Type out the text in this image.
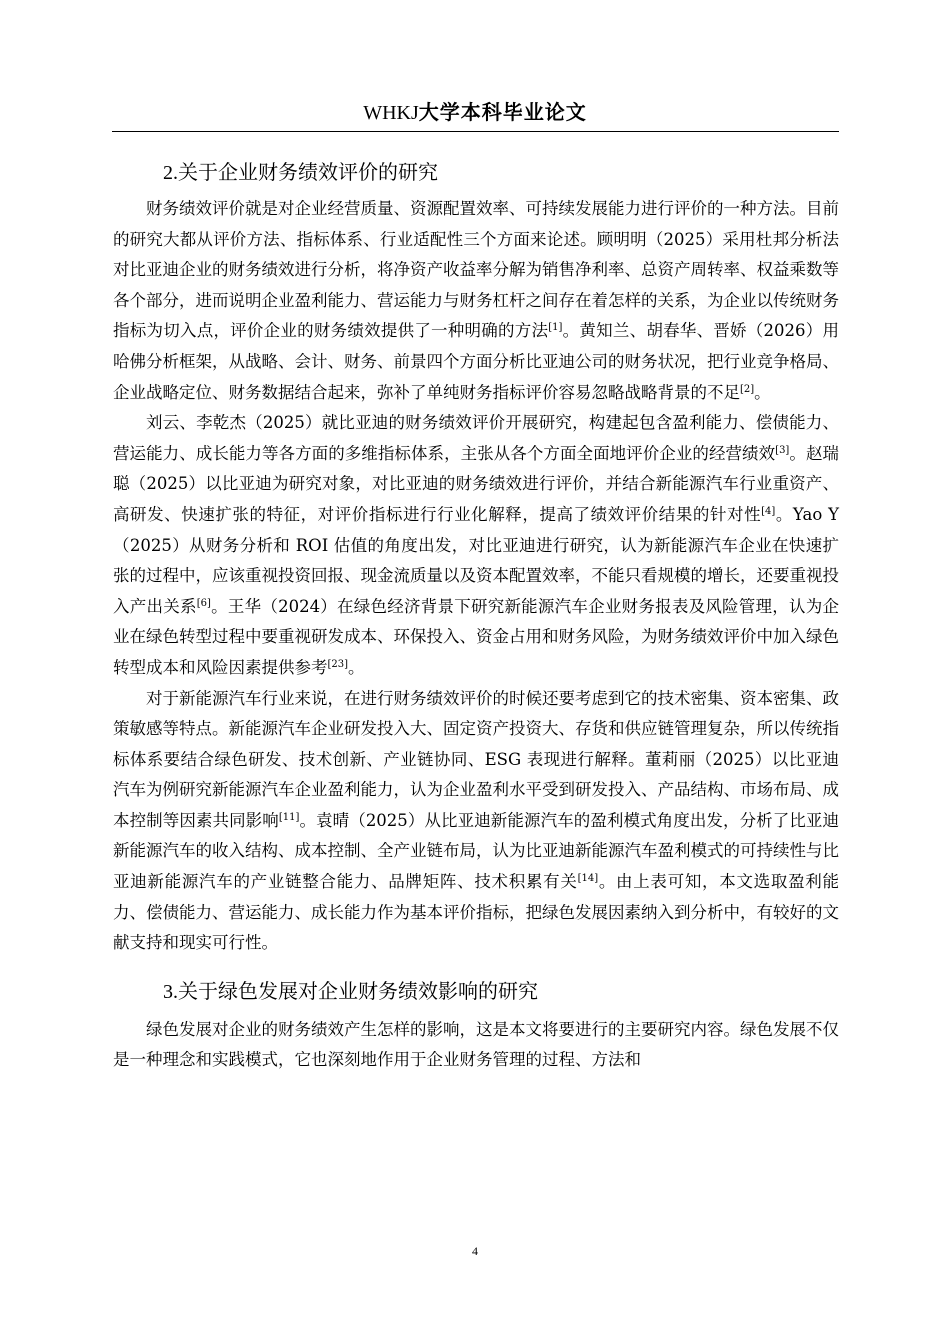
WHKJ大学本科毕业论文
2.关于企业财务绩效评价的研究

财务绩效评价就是对企业经营质量、资源配置效率、可持续发展能力进行评价的一种方法。目前的研究大都从评价方法、指标体系、行业适配性三个方面来论述。顾明明（2025）采用杜邦分析法对比亚迪企业的财务绩效进行分析，将净资产收益率分解为销售净利率、总资产周转率、权益乘数等各个部分，进而说明企业盈利能力、营运能力与财务杠杆之间存在着怎样的关系，为企业以传统财务指标为切入点，评价企业的财务绩效提供了一种明确的方法[1]。黄知兰、胡春华、晋娇（2026）用哈佛分析框架，从战略、会计、财务、前景四个方面分析比亚迪公司的财务状况，把行业竞争格局、企业战略定位、财务数据结合起来，弥补了单纯财务指标评价容易忽略战略背景的不足[2]。

刘云、李乾杰（2025）就比亚迪的财务绩效评价开展研究，构建起包含盈利能力、偿债能力、营运能力、成长能力等各方面的多维指标体系，主张从各个方面全面地评价企业的经营绩效[3]。赵瑞聪（2025）以比亚迪为研究对象，对比亚迪的财务绩效进行评价，并结合新能源汽车行业重资产、高研发、快速扩张的特征，对评价指标进行行业化解释，提高了绩效评价结果的针对性[4]。Yao Y（2025）从财务分析和 ROI 估值的角度出发，对比亚迪进行研究，认为新能源汽车企业在快速扩张的过程中，应该重视投资回报、现金流质量以及资本配置效率，不能只看规模的增长，还要重视投入产出关系[6]。王华（2024）在绿色经济背景下研究新能源汽车企业财务报表及风险管理，认为企业在绿色转型过程中要重视研发成本、环保投入、资金占用和财务风险，为财务绩效评价中加入绿色转型成本和风险因素提供参考[23]。

对于新能源汽车行业来说，在进行财务绩效评价的时候还要考虑到它的技术密集、资本密集、政策敏感等特点。新能源汽车企业研发投入大、固定资产投资大、存货和供应链管理复杂，所以传统指标体系要结合绿色研发、技术创新、产业链协同、ESG 表现进行解释。董莉丽（2025）以比亚迪汽车为例研究新能源汽车企业盈利能力，认为企业盈利水平受到研发投入、产品结构、市场布局、成本控制等因素共同影响[11]。袁晴（2025）从比亚迪新能源汽车的盈利模式角度出发，分析了比亚迪新能源汽车的收入结构、成本控制、全产业链布局，认为比亚迪新能源汽车盈利模式的可持续性与比亚迪新能源汽车的产业链整合能力、品牌矩阵、技术积累有关[14]。由上表可知，本文选取盈利能力、偿债能力、营运能力、成长能力作为基本评价指标，把绿色发展因素纳入到分析中，有较好的文献支持和现实可行性。

3.关于绿色发展对企业财务绩效影响的研究

绿色发展对企业的财务绩效产生怎样的影响，这是本文将要进行的主要研究内容。绿色发展不仅是一种理念和实践模式，它也深刻地作用于企业财务管理的过程、方法和

4
